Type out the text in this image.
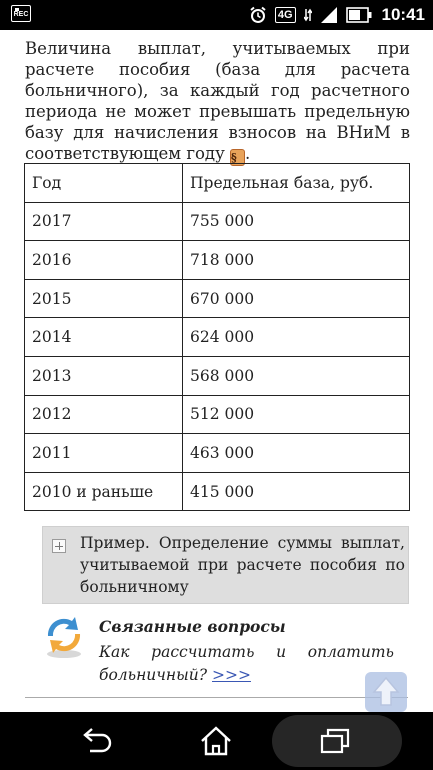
REC	4G	10:41

Величина выплат, учитываемых при расчете пособия (база для расчета больничного), за каждый год расчетного периода не может превышать предельную базу для начисления взносов на ВНиМ в соответствующем году § .

Год	Предельная база, руб.
2017	755 000
2016	718 000
2015	670 000
2014	624 000
2013	568 000
2012	512 000
2011	463 000
2010 и раньше	415 000
Пример. Определение суммы выплат, учитываемой при расчете пособия по больничному
Связанные вопросы

Как рассчитать и оплатить больничный? >>>
